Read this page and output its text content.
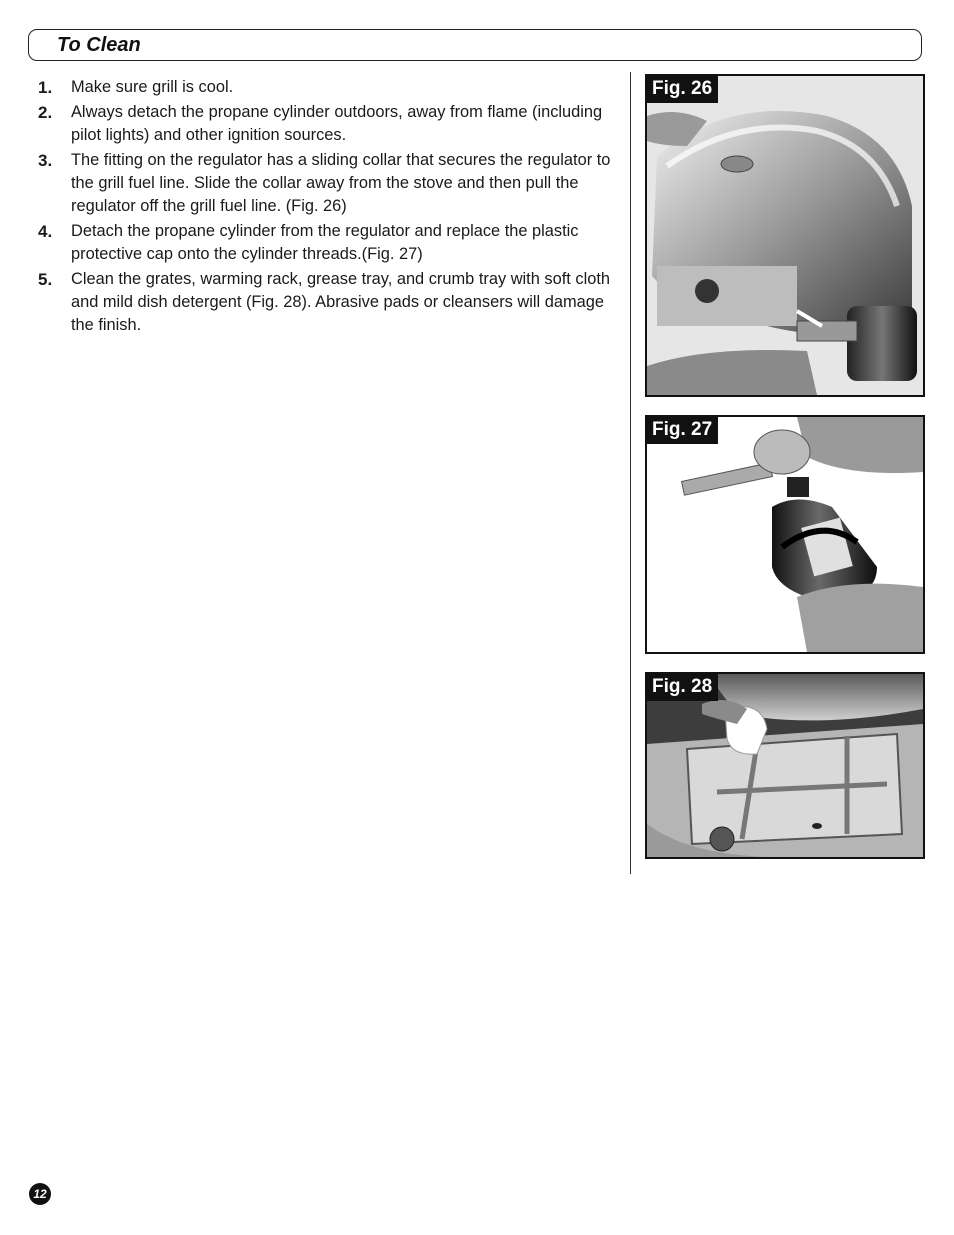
To Clean
1. Make sure grill is cool.
2. Always detach the propane cylinder outdoors, away from flame (including pilot lights) and other ignition sources.
3. The fitting on the regulator has a sliding collar that secures the regulator to the grill fuel line. Slide the collar away from the stove and then pull the regulator off the grill fuel line. (Fig. 26)
4. Detach the propane cylinder from the regulator and replace the plastic protective cap onto the cylinder threads.(Fig. 27)
5. Clean the grates, warming rack, grease tray, and crumb tray with soft cloth and mild dish detergent (Fig. 28). Abrasive pads or cleansers will damage the finish.
Fig. 26
Fig. 27
Fig. 28
12
